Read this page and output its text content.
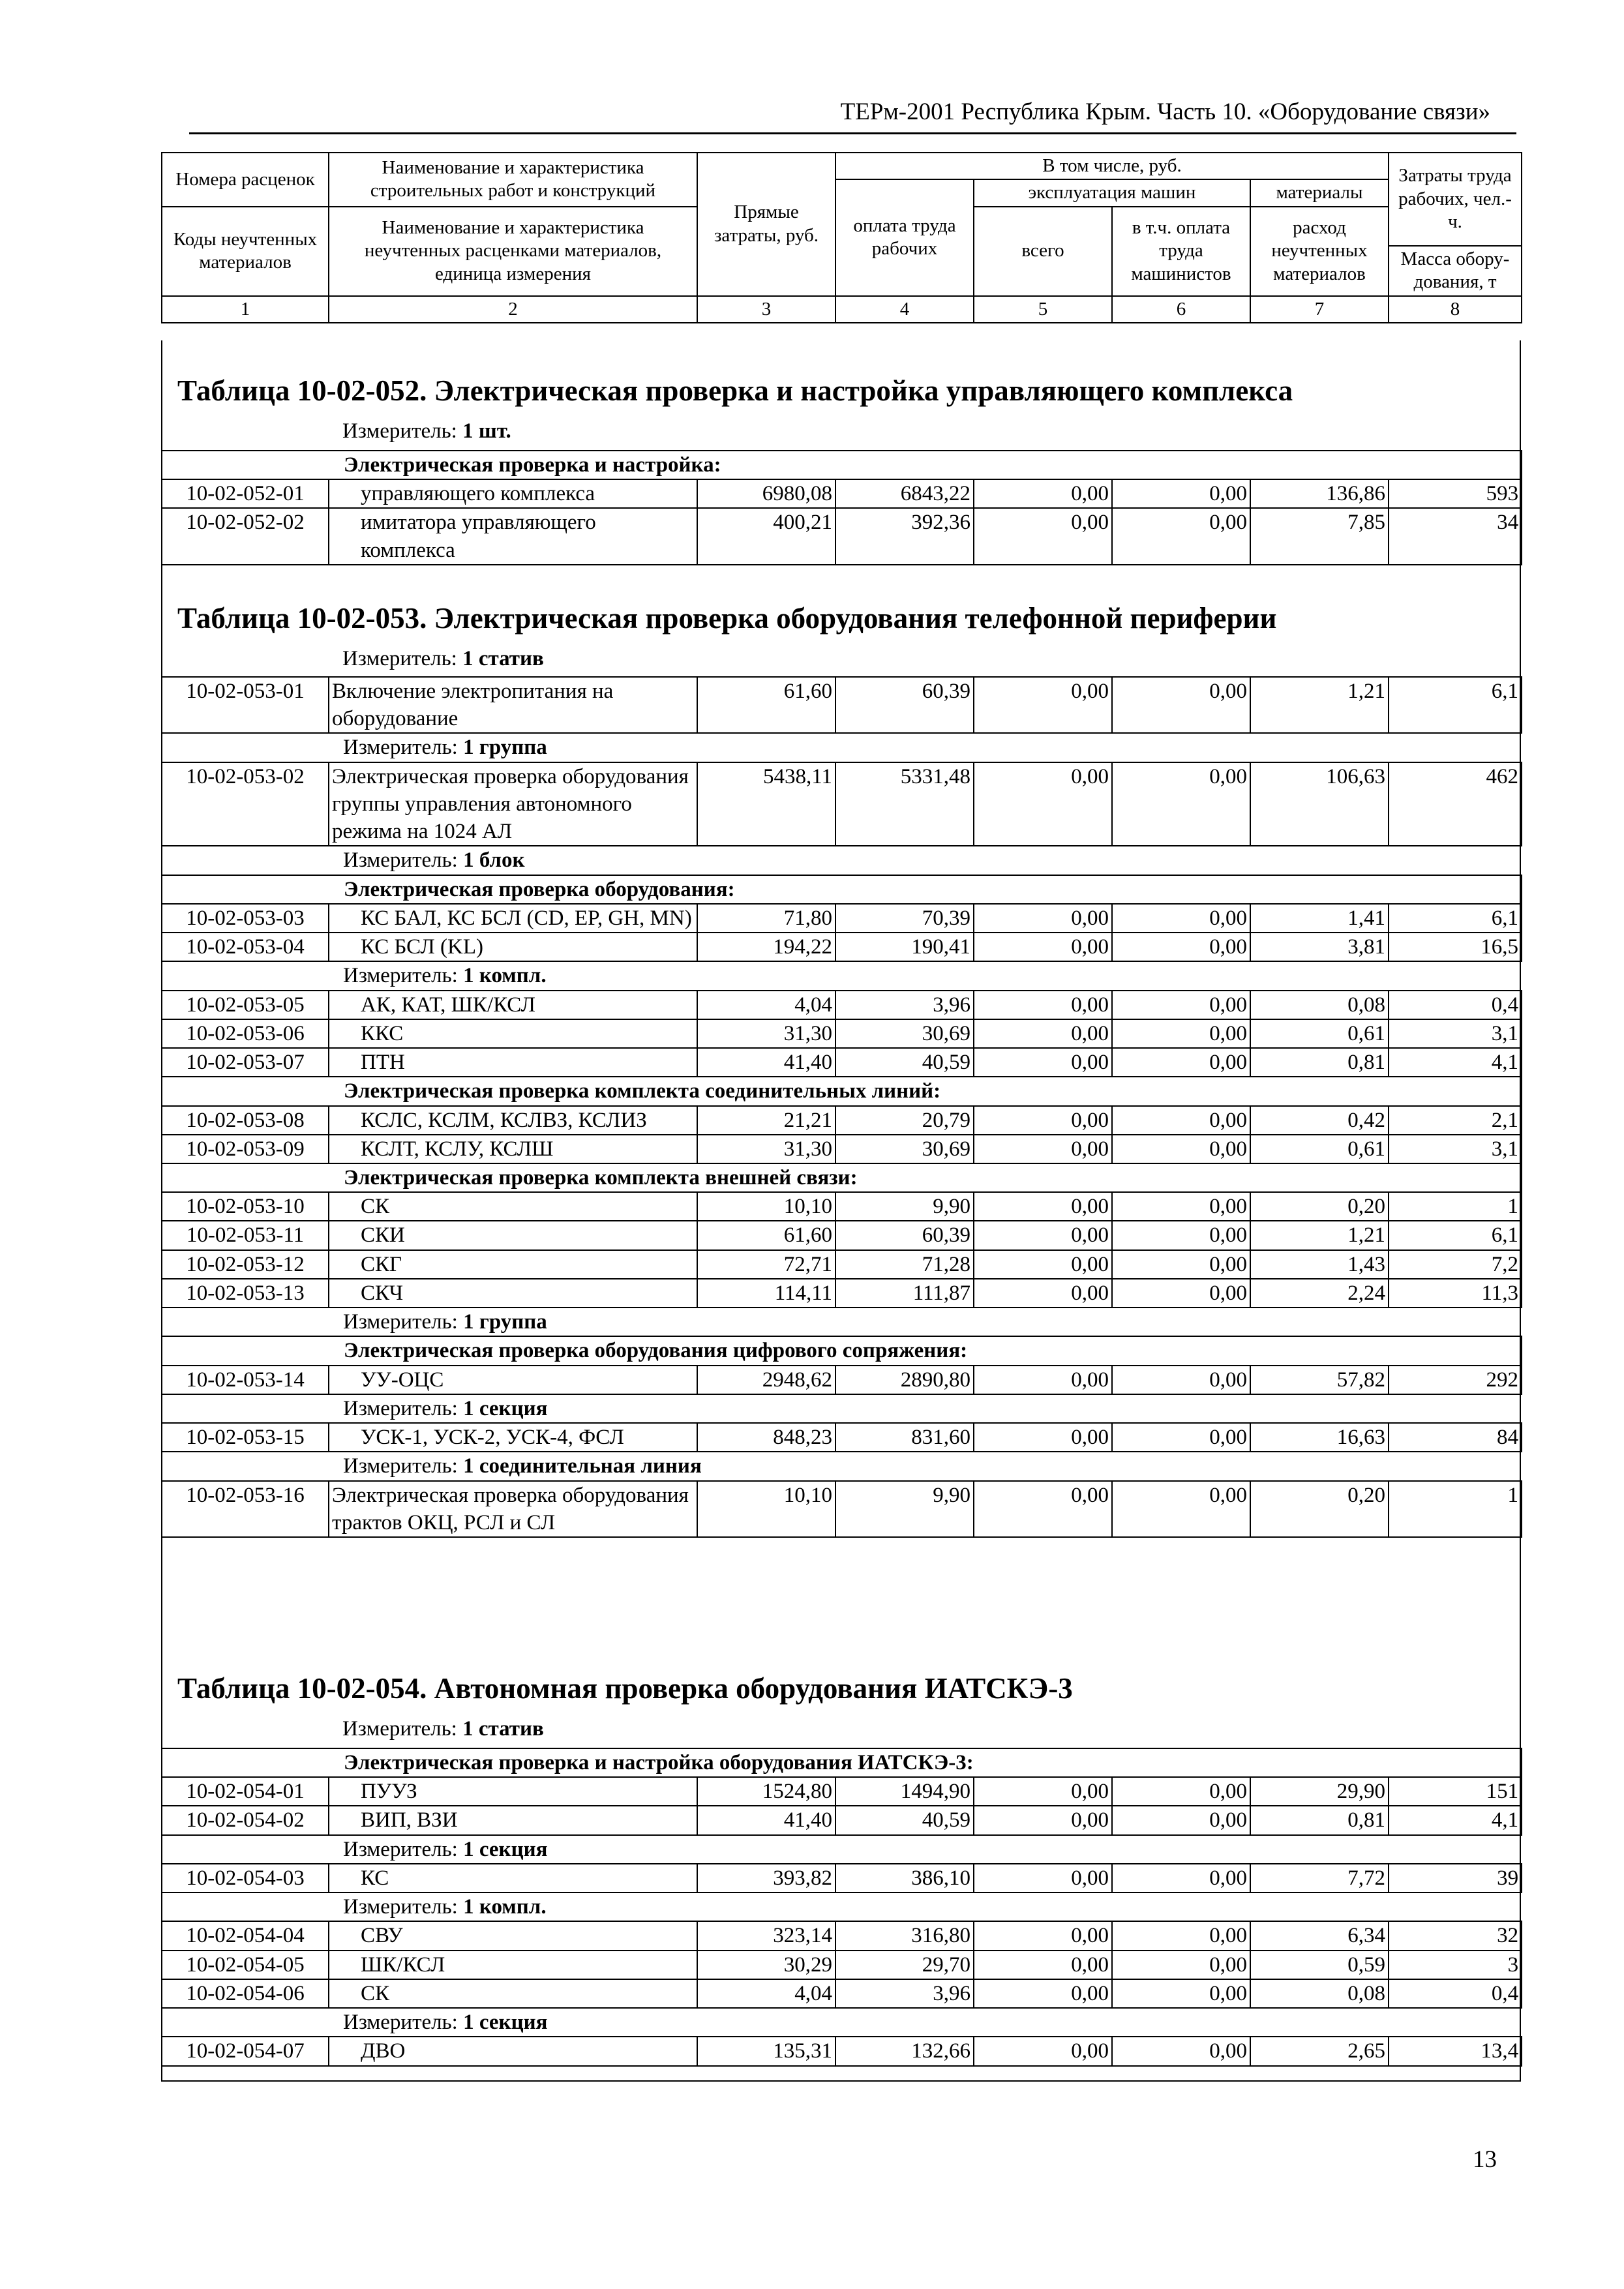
ТЕРм-2001 Республика Крым. Часть 10. «Оборудование связи»
Номера расценок	Наименование и характеристика строительных работ и конструкций	Прямые затраты, руб.	В том числе, руб.				Затраты труда рабочих, чел.-ч.
			оплата труда рабочих	эксплуатация машин		материалы	
Коды неучтенных материалов	Наименование и характеристика неучтенных расценками материалов, единица измерения			всего	в т.ч. оплата труда машинистов	расход неучтенных материалов	
							Масса обору-дования, т
1	2	3	4	5	6	7	8
Таблица 10-02-052. Электрическая проверка и настройка управляющего комплекса
Измеритель: 1 шт.
Электрическая проверка и настройка:							
10-02-052-01	управляющего комплекса	6980,08	6843,22	0,00	0,00	136,86	593
10-02-052-02	имитатора управляющего комплекса	400,21	392,36	0,00	0,00	7,85	34
Таблица 10-02-053. Электрическая проверка оборудования телефонной периферии
Измеритель: 1 статив
10-02-053-01	Включение электропитания на оборудование	61,60	60,39	0,00	0,00	1,21	6,1
Измеритель: 1 группа							
10-02-053-02	Электрическая проверка оборудования группы управления автономного режима на 1024 АЛ	5438,11	5331,48	0,00	0,00	106,63	462
Измеритель: 1 блок							
Электрическая проверка оборудования:							
10-02-053-03	КС БАЛ, КС БСЛ (CD, EP, GH, MN)	71,80	70,39	0,00	0,00	1,41	6,1
10-02-053-04	КС БСЛ (KL)	194,22	190,41	0,00	0,00	3,81	16,5
Измеритель: 1 компл.							
10-02-053-05	АК, КАТ, ШК/КСЛ	4,04	3,96	0,00	0,00	0,08	0,4
10-02-053-06	ККС	31,30	30,69	0,00	0,00	0,61	3,1
10-02-053-07	ПТН	41,40	40,59	0,00	0,00	0,81	4,1
Электрическая проверка комплекта соединительных линий:							
10-02-053-08	КСЛС, КСЛМ, КСЛВЗ, КСЛИЗ	21,21	20,79	0,00	0,00	0,42	2,1
10-02-053-09	КСЛТ, КСЛУ, КСЛШ	31,30	30,69	0,00	0,00	0,61	3,1
Электрическая проверка комплекта внешней связи:							
10-02-053-10	СК	10,10	9,90	0,00	0,00	0,20	1
10-02-053-11	СКИ	61,60	60,39	0,00	0,00	1,21	6,1
10-02-053-12	СКГ	72,71	71,28	0,00	0,00	1,43	7,2
10-02-053-13	СКЧ	114,11	111,87	0,00	0,00	2,24	11,3
Измеритель: 1 группа							
Электрическая проверка оборудования цифрового сопряжения:							
10-02-053-14	УУ-ОЦС	2948,62	2890,80	0,00	0,00	57,82	292
Измеритель: 1 секция							
10-02-053-15	УСК-1, УСК-2, УСК-4, ФСЛ	848,23	831,60	0,00	0,00	16,63	84
Измеритель: 1 соединительная линия							
10-02-053-16	Электрическая проверка оборудования трактов ОКЦ, РСЛ и СЛ	10,10	9,90	0,00	0,00	0,20	1
Таблица 10-02-054. Автономная проверка оборудования ИАТСКЭ-3
Измеритель: 1 статив
Электрическая проверка и настройка оборудования ИАТСКЭ-3:							
10-02-054-01	ПУУЗ	1524,80	1494,90	0,00	0,00	29,90	151
10-02-054-02	ВИП, ВЗИ	41,40	40,59	0,00	0,00	0,81	4,1
Измеритель: 1 секция							
10-02-054-03	КС	393,82	386,10	0,00	0,00	7,72	39
Измеритель: 1 компл.							
10-02-054-04	СВУ	323,14	316,80	0,00	0,00	6,34	32
10-02-054-05	ШК/КСЛ	30,29	29,70	0,00	0,00	0,59	3
10-02-054-06	СК	4,04	3,96	0,00	0,00	0,08	0,4
Измеритель: 1 секция							
10-02-054-07	ДВО	135,31	132,66	0,00	0,00	2,65	13,4
13
